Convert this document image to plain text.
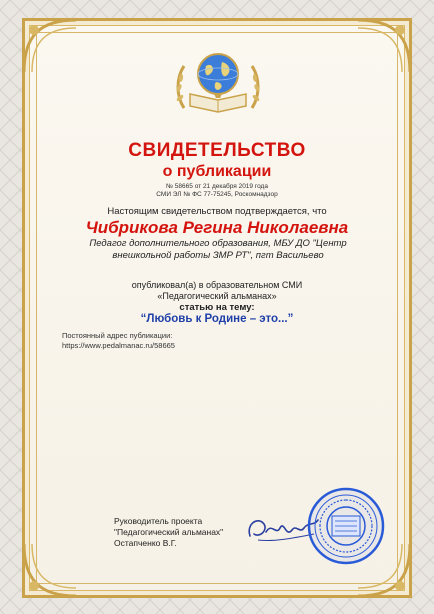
СВИДЕТЕЛЬСТВО
о публикации
№ 58665 от 21 декабря 2019 года
СМИ ЭЛ № ФС 77-75245, Роскомнадзор
Настоящим свидетельством подтверждается, что
Чибрикова Регина Николаевна
Педагог дополнительного образования, МБУ ДО "Центр внешкольной работы ЗМР РТ", пгт Васильево
опубликовал(а) в образовательном СМИ
«Педагогический альманах»
статью на тему:
“Любовь к Родине – это...”
Постоянный адрес публикации:
https://www.pedalmanac.ru/58665
Руководитель проекта
"Педагогический альманах"
Остапченко В.Г.
